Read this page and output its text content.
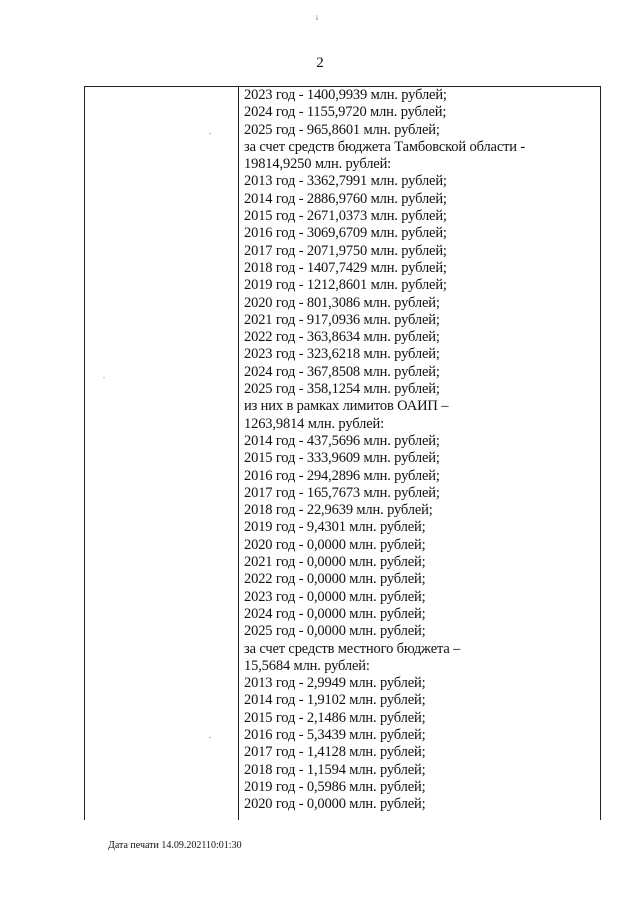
i
2
2023 год - 1400,9939 млн. рублей;
2024 год - 1155,9720 млн. рублей;
2025 год - 965,8601 млн. рублей;
за счет средств бюджета Тамбовской области -
19814,9250 млн. рублей:
2013 год - 3362,7991 млн. рублей;
2014 год - 2886,9760 млн. рублей;
2015 год - 2671,0373 млн. рублей;
2016 год - 3069,6709 млн. рублей;
2017 год - 2071,9750 млн. рублей;
2018 год - 1407,7429 млн. рублей;
2019 год - 1212,8601 млн. рублей;
2020 год - 801,3086 млн. рублей;
2021 год - 917,0936 млн. рублей;
2022 год - 363,8634 млн. рублей;
2023 год - 323,6218 млн. рублей;
2024 год - 367,8508 млн. рублей;
2025 год - 358,1254 млн. рублей;
из них в рамках лимитов ОАИП –
1263,9814 млн. рублей:
2014 год - 437,5696 млн. рублей;
2015 год - 333,9609 млн. рублей;
2016 год - 294,2896 млн. рублей;
2017 год - 165,7673 млн. рублей;
2018 год - 22,9639 млн. рублей;
2019 год - 9,4301 млн. рублей;
2020 год - 0,0000 млн. рублей;
2021 год - 0,0000 млн. рублей;
2022 год - 0,0000 млн. рублей;
2023 год - 0,0000 млн. рублей;
2024 год - 0,0000 млн. рублей;
2025 год - 0,0000 млн. рублей;
за счет средств местного бюджета –
15,5684 млн. рублей:
2013 год - 2,9949 млн. рублей;
2014 год - 1,9102 млн. рублей;
2015 год - 2,1486 млн. рублей;
2016 год - 5,3439 млн. рублей;
2017 год - 1,4128 млн. рублей;
2018 год - 1,1594 млн. рублей;
2019 год - 0,5986 млн. рублей;
2020 год - 0,0000 млн. рублей;
Дата печати 14.09.202110:01:30
